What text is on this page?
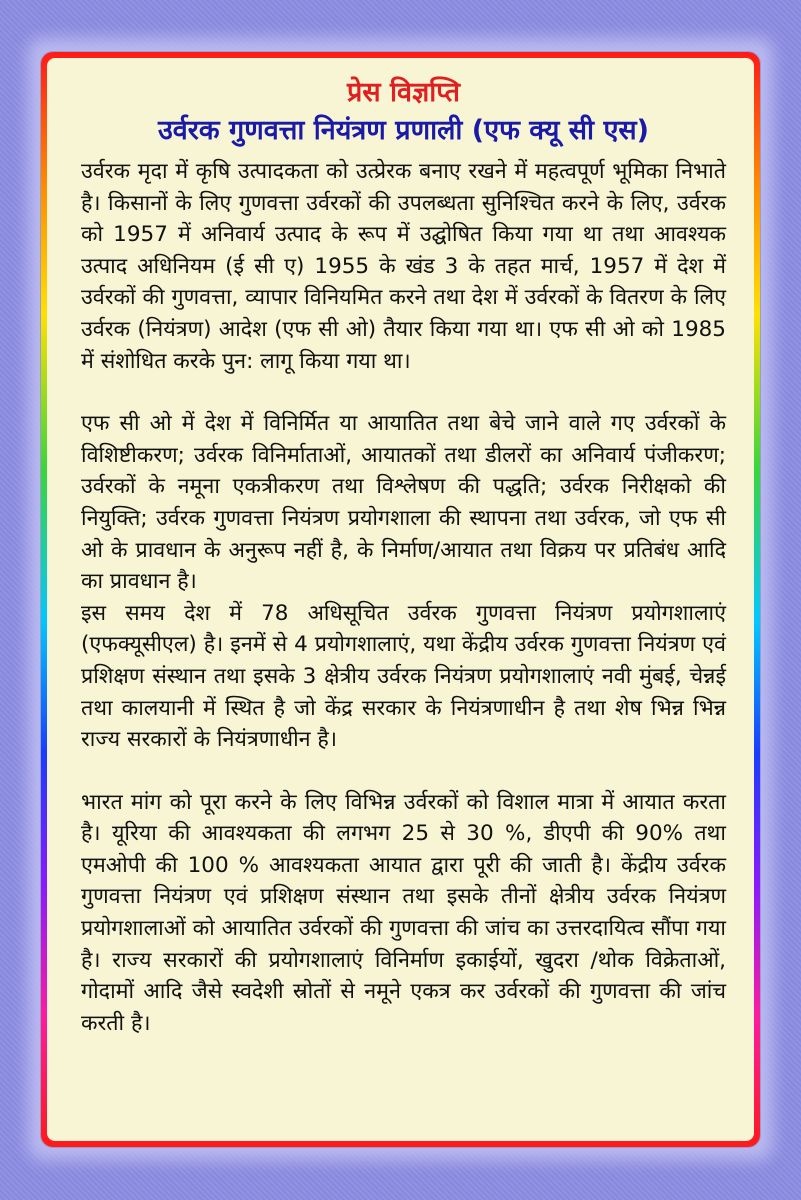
प्रेस विज्ञप्ति
उर्वरक गुणवत्ता नियंत्रण प्रणाली (एफ क्यू सी एस)

उर्वरक मृदा में कृषि उत्पादकता को उत्प्रेरक बनाए रखने में महत्वपूर्ण भूमिका निभाते है। किसानों के लिए गुणवत्ता उर्वरकों की उपलब्धता सुनिश्चित करने के लिए, उर्वरक को 1957 में अनिवार्य उत्पाद के रूप में उद्घोषित किया गया था तथा आवश्यक उत्पाद अधिनियम (ई सी ए) 1955 के खंड 3 के तहत मार्च, 1957 में देश में उर्वरकों की गुणवत्ता, व्यापार विनियमित करने तथा देश में उर्वरकों के वितरण के लिए उर्वरक (नियंत्रण) आदेश (एफ सी ओ) तैयार किया गया था। एफ सी ओ को 1985 में संशोधित करके पुन: लागू किया गया था।

एफ सी ओ में देश में विनिर्मित या आयातित तथा बेचे जाने वाले गए उर्वरकों के विशिष्टीकरण; उर्वरक विनिर्माताओं, आयातकों तथा डीलरों का अनिवार्य पंजीकरण; उर्वरकों के नमूना एकत्रीकरण तथा विश्लेषण की पद्धति; उर्वरक निरीक्षको की नियुक्ति; उर्वरक गुणवत्ता नियंत्रण प्रयोगशाला की स्थापना तथा उर्वरक, जो एफ सी ओ के प्रावधान के अनुरूप नहीं है, के निर्माण/आयात तथा विक्रय पर प्रतिबंध आदि का प्रावधान है।

इस समय देश में 78 अधिसूचित उर्वरक गुणवत्ता नियंत्रण प्रयोगशालाएं (एफक्यूसीएल) है। इनमें से 4 प्रयोगशालाएं, यथा केंद्रीय उर्वरक गुणवत्ता नियंत्रण एवं प्रशिक्षण संस्थान तथा इसके 3 क्षेत्रीय उर्वरक नियंत्रण प्रयोगशालाएं नवी मुंबई, चेन्नई तथा कालयानी में स्थित है जो केंद्र सरकार के नियंत्रणाधीन है तथा शेष भिन्न भिन्न राज्य सरकारों के नियंत्रणाधीन है।

भारत मांग को पूरा करने के लिए विभिन्न उर्वरकों को विशाल मात्रा में आयात करता है। यूरिया की आवश्यकता की लगभग 25 से 30 %, डीएपी की 90% तथा एमओपी की 100 % आवश्यकता आयात द्वारा पूरी की जाती है। केंद्रीय उर्वरक गुणवत्ता नियंत्रण एवं प्रशिक्षण संस्थान तथा इसके तीनों क्षेत्रीय उर्वरक नियंत्रण प्रयोगशालाओं को आयातित उर्वरकों की गुणवत्ता की जांच का उत्तरदायित्व सौंपा गया है। राज्य सरकारों की प्रयोगशालाएं विनिर्माण इकाईयों, खुदरा /थोक विक्रेताओं, गोदामों आदि जैसे स्वदेशी स्रोतों से नमूने एकत्र कर उर्वरकों की गुणवत्ता की जांच करती है।
